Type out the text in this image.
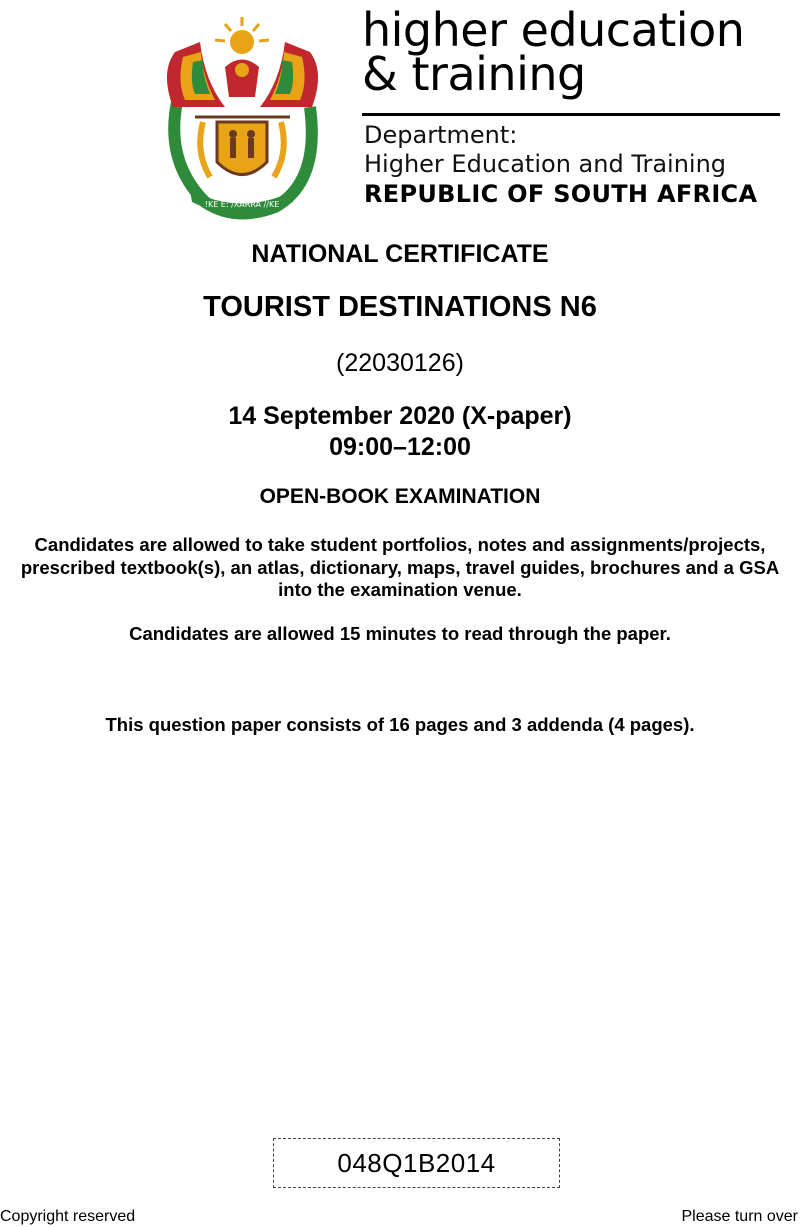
!KE E: /XARRA //KE
higher education
& training
Department:
Higher Education and Training
REPUBLIC OF SOUTH AFRICA
NATIONAL CERTIFICATE
TOURIST DESTINATIONS N6
(22030126)
14 September 2020 (X-paper)
09:00–12:00
OPEN-BOOK EXAMINATION
Candidates are allowed to take student portfolios, notes and assignments/projects, prescribed textbook(s), an atlas, dictionary, maps, travel guides, brochures and a GSA into the examination venue.
Candidates are allowed 15 minutes to read through the paper.
This question paper consists of 16 pages and 3 addenda (4 pages).
048Q1B2014
Copyright reserved	Please turn over
